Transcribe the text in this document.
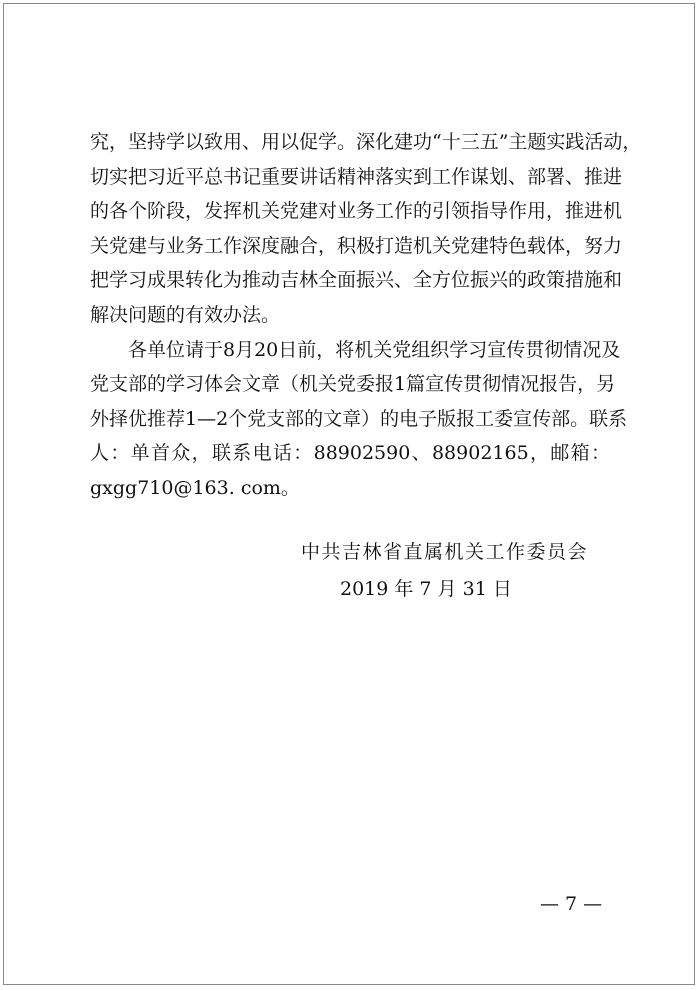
究，坚持学以致用、用以促学。深化建功“十三五”主题实践活动，
切实把习近平总书记重要讲话精神落实到工作谋划、部署、推进
的各个阶段，发挥机关党建对业务工作的引领指导作用，推进机
关党建与业务工作深度融合，积极打造机关党建特色载体，努力
把学习成果转化为推动吉林全面振兴、全方位振兴的政策措施和
解决问题的有效办法。
各单位请于8月20日前，将机关党组织学习宣传贯彻情况及
党支部的学习体会文章（机关党委报1篇宣传贯彻情况报告，另
外择优推荐1—2个党支部的文章）的电子版报工委宣传部。联系
人：单首众，联系电话：88902590、88902165，邮箱：
gxgg710@163. com。
中共吉林省直属机关工作委员会
2019 年 7 月 31 日
— 7 —
